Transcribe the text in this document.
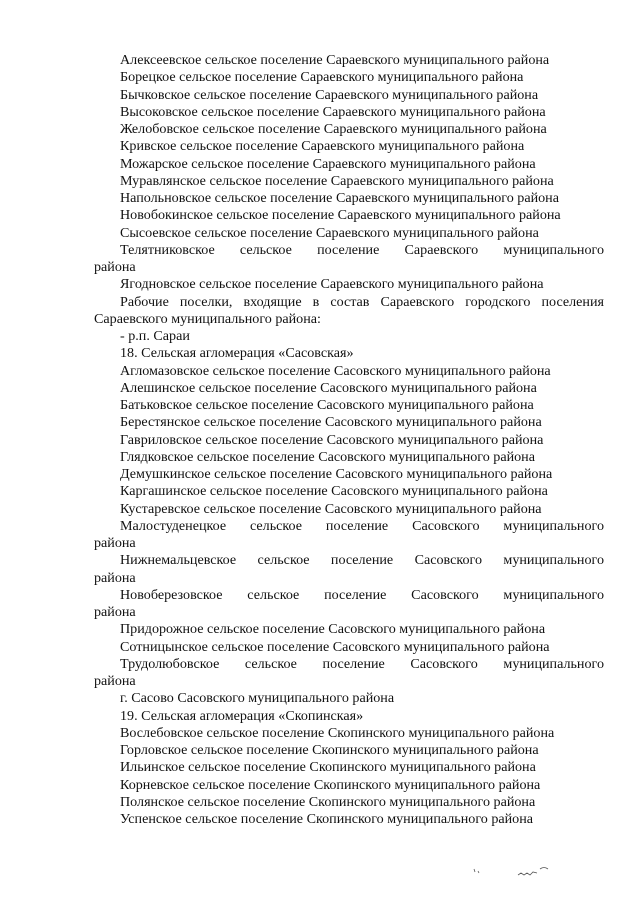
Алексеевское сельское поселение Сараевского муниципального района
Борецкое сельское поселение Сараевского муниципального района
Бычковское сельское поселение Сараевского муниципального района
Высоковское сельское поселение Сараевского муниципального района
Желобовское сельское поселение Сараевского муниципального района
Кривское сельское поселение Сараевского муниципального района
Можарское сельское поселение Сараевского муниципального района
Муравлянское сельское поселение Сараевского муниципального района
Напольновское сельское поселение Сараевского муниципального района
Новобокинское сельское поселение Сараевского муниципального района
Сысоевское сельское поселение Сараевского муниципального района
Телятниковское сельское поселение Сараевского муниципального
района
Ягодновское сельское поселение Сараевского муниципального района
Рабочие поселки, входящие в состав Сараевского городского поселения
Сараевского муниципального района:
- р.п. Сараи
18. Сельская агломерация «Сасовская»
Агломазовское сельское поселение Сасовского муниципального района
Алешинское сельское поселение Сасовского муниципального района
Батьковское сельское поселение Сасовского муниципального района
Берестянское сельское поселение Сасовского муниципального района
Гавриловское сельское поселение Сасовского муниципального района
Глядковское сельское поселение Сасовского муниципального района
Демушкинское сельское поселение Сасовского муниципального района
Каргашинское сельское поселение Сасовского муниципального района
Кустаревское сельское поселение Сасовского муниципального района
Малостуденецкое сельское поселение Сасовского муниципального
района
Нижнемальцевское сельское поселение Сасовского муниципального
района
Новоберезовское сельское поселение Сасовского муниципального
района
Придорожное сельское поселение Сасовского муниципального района
Сотницынское сельское поселение Сасовского муниципального района
Трудолюбовское сельское поселение Сасовского муниципального
района
г. Сасово Сасовского муниципального района
19. Сельская агломерация «Скопинская»
Вослебовское сельское поселение Скопинского муниципального района
Горловское сельское поселение Скопинского муниципального района
Ильинское сельское поселение Скопинского муниципального района
Корневское сельское поселение Скопинского муниципального района
Полянское сельское поселение Скопинского муниципального района
Успенское сельское поселение Скопинского муниципального района
